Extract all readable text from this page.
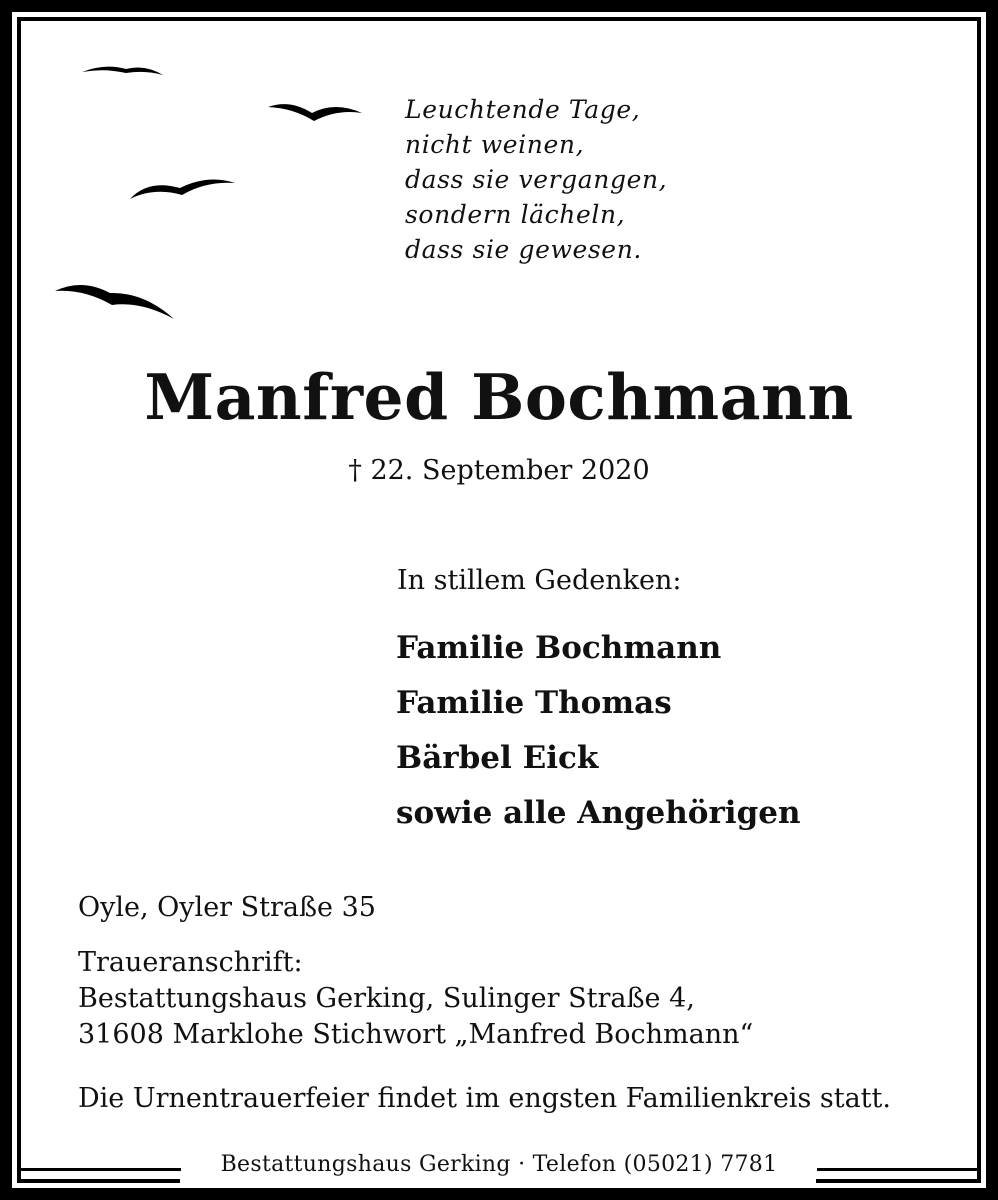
Leuchtende Tage,
nicht weinen,
dass sie vergangen,
sondern lächeln,
dass sie gewesen.
Manfred Bochmann
† 22. September 2020
In stillem Gedenken:
Familie Bochmann
Familie Thomas
Bärbel Eick
sowie alle Angehörigen
Oyle, Oyler Straße 35
Traueranschrift:
Bestattungshaus Gerking, Sulinger Straße 4,
31608 Marklohe Stichwort „Manfred Bochmann“
Die Urnentrauerfeier findet im engsten Familienkreis statt.
Bestattungshaus Gerking · Telefon (05021) 7781
